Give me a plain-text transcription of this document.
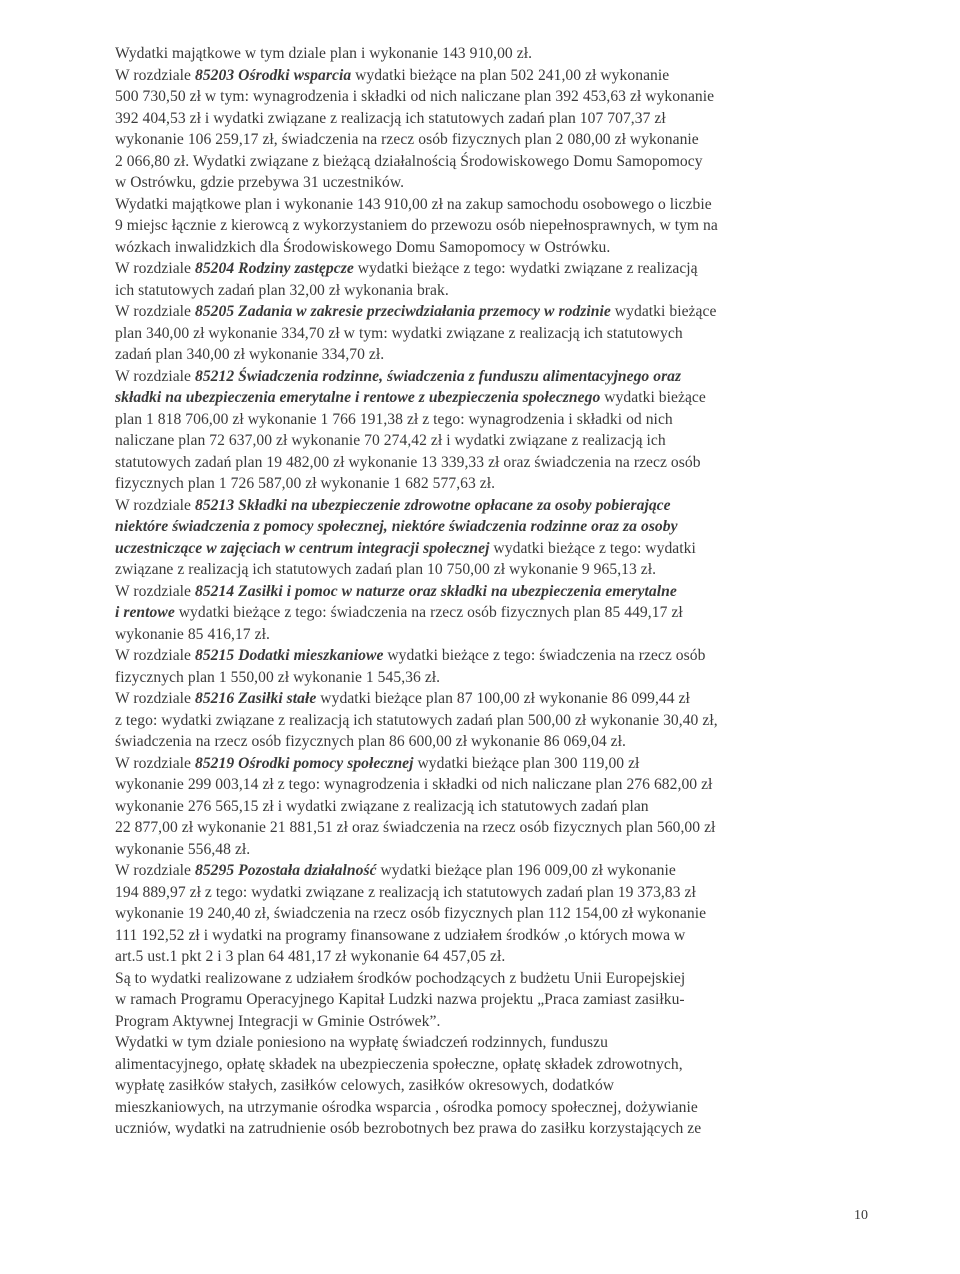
Wydatki majątkowe w tym dziale plan i wykonanie 143 910,00 zł.
W rozdziale 85203 Ośrodki wsparcia wydatki bieżące na plan 502 241,00 zł wykonanie
500 730,50 zł w tym: wynagrodzenia i składki od nich naliczane plan 392 453,63 zł wykonanie
392 404,53 zł i wydatki związane z realizacją ich statutowych zadań plan 107 707,37 zł
wykonanie 106 259,17 zł, świadczenia na rzecz osób fizycznych plan 2 080,00 zł wykonanie
2 066,80 zł. Wydatki związane z bieżącą działalnością Środowiskowego Domu Samopomocy
w Ostrówku, gdzie przebywa 31 uczestników.
Wydatki majątkowe plan i wykonanie 143 910,00 zł na zakup samochodu osobowego o liczbie
9 miejsc łącznie z kierowcą z wykorzystaniem do przewozu osób niepełnosprawnych, w tym na
wózkach inwalidzkich dla Środowiskowego Domu Samopomocy w Ostrówku.
W rozdziale 85204 Rodziny zastępcze wydatki bieżące z tego: wydatki związane z realizacją
ich statutowych zadań plan 32,00 zł wykonania brak.
W rozdziale 85205 Zadania w zakresie przeciwdziałania przemocy w rodzinie wydatki bieżące
plan 340,00 zł wykonanie 334,70 zł w tym: wydatki związane z realizacją ich statutowych
zadań plan 340,00 zł wykonanie 334,70 zł.
W rozdziale 85212 Świadczenia rodzinne, świadczenia z funduszu alimentacyjnego oraz
składki na ubezpieczenia emerytalne i rentowe z ubezpieczenia społecznego wydatki bieżące
plan 1 818 706,00 zł wykonanie 1 766 191,38 zł z tego: wynagrodzenia i składki od nich
naliczane plan 72 637,00 zł wykonanie 70 274,42 zł i wydatki związane z realizacją ich
statutowych zadań plan 19 482,00 zł wykonanie 13 339,33 zł oraz świadczenia na rzecz osób
fizycznych plan 1 726 587,00 zł wykonanie 1 682 577,63 zł.
W rozdziale 85213 Składki na ubezpieczenie zdrowotne opłacane za osoby pobierające
niektóre świadczenia z pomocy społecznej, niektóre świadczenia rodzinne oraz za osoby
uczestniczące w zajęciach w centrum integracji społecznej wydatki bieżące z tego: wydatki
związane z realizacją ich statutowych zadań plan 10 750,00 zł wykonanie 9 965,13 zł.
W rozdziale 85214 Zasiłki i pomoc w naturze oraz składki na ubezpieczenia emerytalne
i rentowe wydatki bieżące z tego: świadczenia na rzecz osób fizycznych plan 85 449,17 zł
wykonanie 85 416,17 zł.
W rozdziale 85215 Dodatki mieszkaniowe wydatki bieżące z tego: świadczenia na rzecz osób
fizycznych plan 1 550,00 zł wykonanie 1 545,36 zł.
W rozdziale 85216 Zasiłki stałe wydatki bieżące plan 87 100,00 zł wykonanie 86 099,44 zł
z tego: wydatki związane z realizacją ich statutowych zadań plan 500,00 zł wykonanie 30,40 zł,
świadczenia na rzecz osób fizycznych plan 86 600,00 zł wykonanie 86 069,04 zł.
W rozdziale 85219 Ośrodki pomocy społecznej wydatki bieżące plan 300 119,00 zł
wykonanie 299 003,14 zł z tego: wynagrodzenia i składki od nich naliczane plan 276 682,00 zł
wykonanie 276 565,15 zł i wydatki związane z realizacją ich statutowych zadań plan
22 877,00 zł wykonanie 21 881,51 zł oraz świadczenia na rzecz osób fizycznych plan 560,00 zł
wykonanie 556,48 zł.
W rozdziale 85295 Pozostała działalność wydatki bieżące plan 196 009,00 zł wykonanie
194 889,97 zł z tego: wydatki związane z realizacją ich statutowych zadań plan 19 373,83 zł
wykonanie 19 240,40 zł, świadczenia na rzecz osób fizycznych plan 112 154,00 zł wykonanie
111 192,52 zł i wydatki na programy finansowane z udziałem środków ,o których mowa w
art.5 ust.1 pkt 2 i 3 plan 64 481,17 zł wykonanie 64 457,05 zł.
Są to wydatki realizowane z udziałem środków pochodzących z budżetu Unii Europejskiej
w ramach Programu Operacyjnego Kapitał Ludzki nazwa projektu „Praca zamiast zasiłku-
Program Aktywnej Integracji w Gminie Ostrówek”.
Wydatki w tym dziale poniesiono na wypłatę świadczeń rodzinnych, funduszu
alimentacyjnego, opłatę składek na ubezpieczenia społeczne, opłatę składek zdrowotnych,
wypłatę zasiłków stałych, zasiłków celowych, zasiłków okresowych, dodatków
mieszkaniowych, na utrzymanie ośrodka wsparcia , ośrodka pomocy społecznej, dożywianie
uczniów, wydatki na zatrudnienie osób bezrobotnych bez prawa do zasiłku korzystających ze
10
